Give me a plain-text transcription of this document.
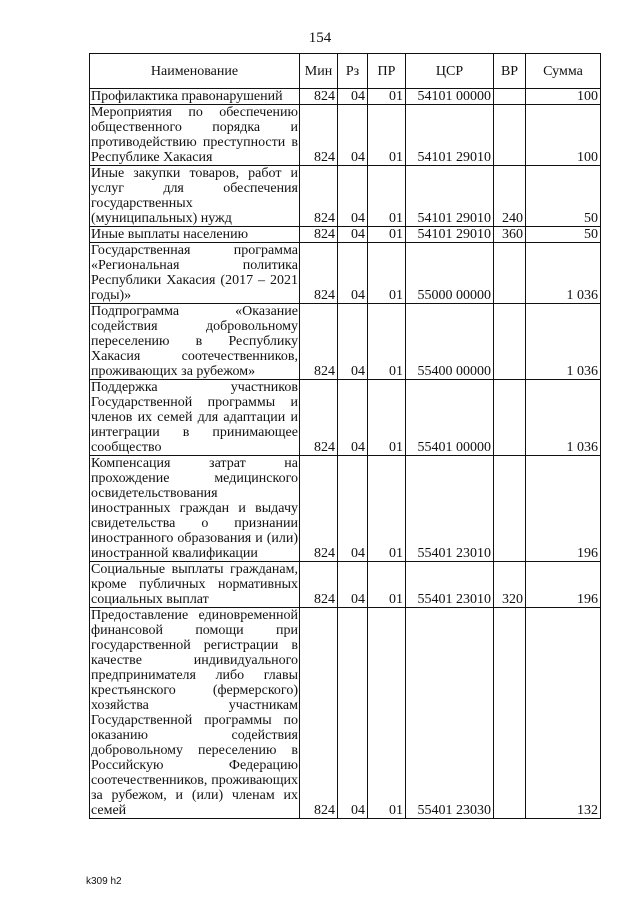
154
Наименование	Мин	Рз	ПР	ЦСР	ВР	Сумма
Профилактика правонарушений	824	04	01	54101 00000		100
Мероприятия по обеспечению общественного порядка и противодействию преступности в Республике Хакасия	824	04	01	54101 29010		100
Иные закупки товаров, работ и услуг для обеспечения государственных (муниципальных) нужд	824	04	01	54101 29010	240	50
Иные выплаты населению	824	04	01	54101 29010	360	50
Государственная программа «Региональная политика Республики Хакасия (2017 – 2021 годы)»	824	04	01	55000 00000		1 036
Подпрограмма «Оказание содействия добровольному переселению в Республику Хакасия соотечественников, проживающих за рубежом»	824	04	01	55400 00000		1 036
Поддержка участников Государственной программы и членов их семей для адаптации и интеграции в принимающее сообщество	824	04	01	55401 00000		1 036
Компенсация затрат на прохождение медицинского освидетельствования иностранных граждан и выдачу свидетельства о признании иностранного образования и (или) иностранной квалификации	824	04	01	55401 23010		196
Социальные выплаты гражданам, кроме публичных нормативных социальных выплат	824	04	01	55401 23010	320	196
Предоставление единовременной финансовой помощи при государственной регистрации в качестве индивидуального предпринимателя либо главы крестьянского (фермерского) хозяйства участникам Государственной программы по оказанию содействия добровольному переселению в Российскую Федерацию соотечественников, проживающих за рубежом, и (или) членам их семей	824	04	01	55401 23030		132
k309 h2
